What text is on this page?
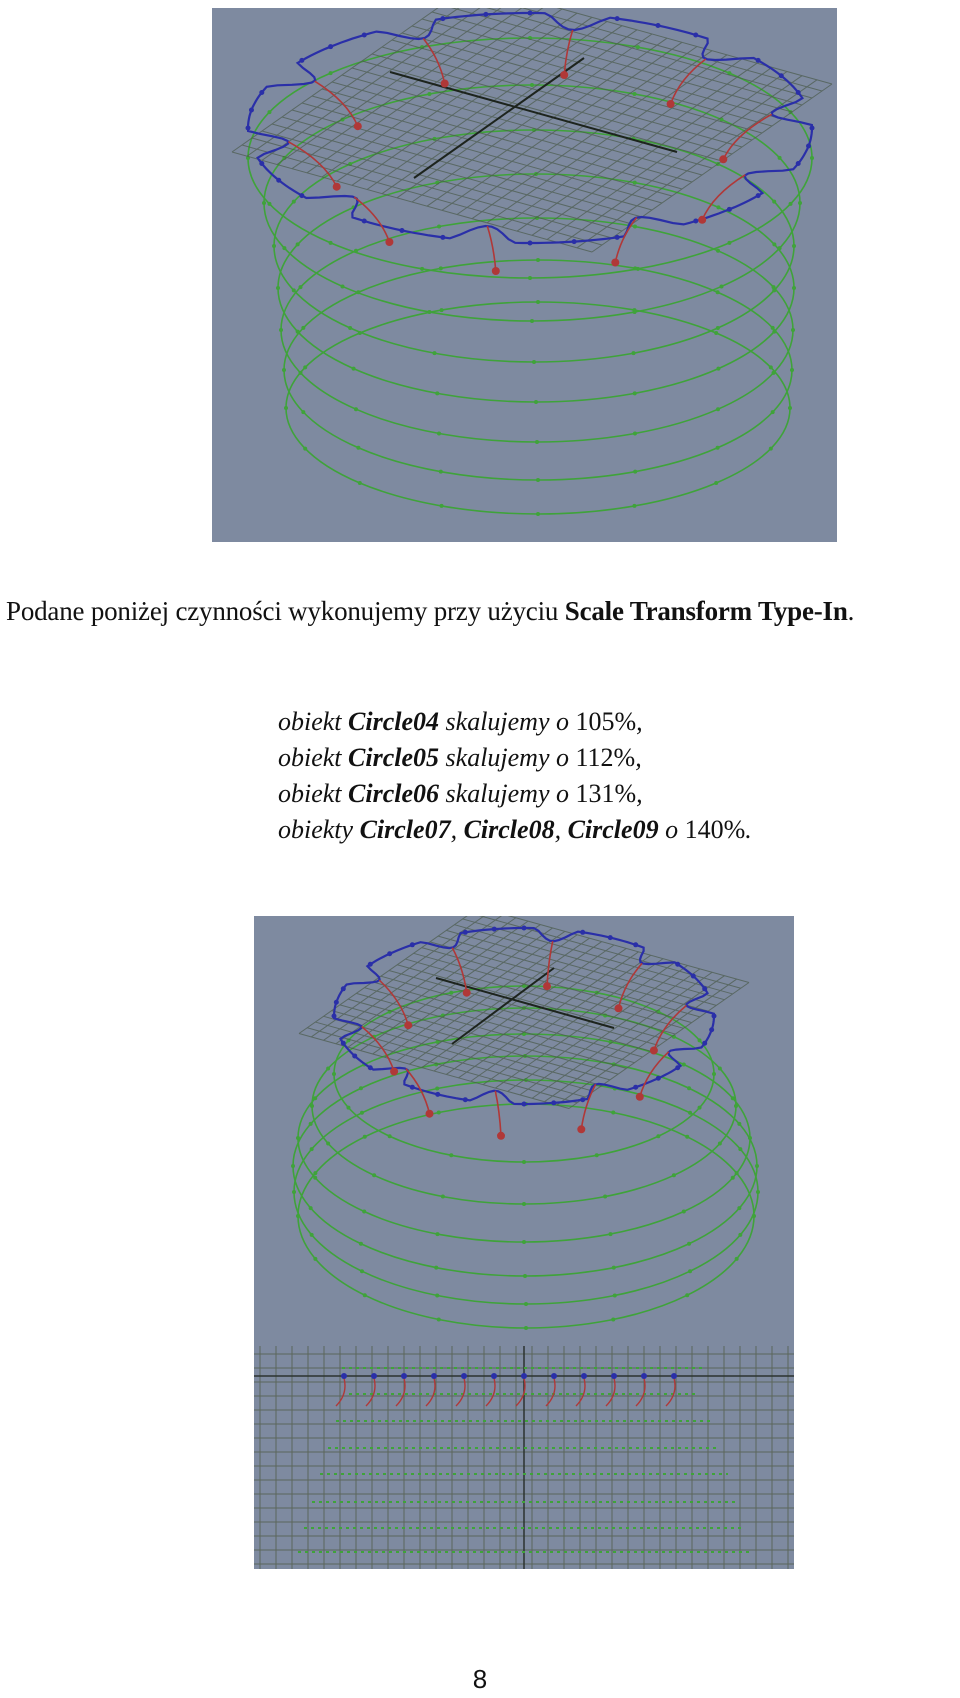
Podane poniżej czynności wykonujemy przy użyciu Scale Transform Type-In.
obiekt Circle04 skalujemy o 105%,
obiekt Circle05 skalujemy o 112%,
obiekt Circle06 skalujemy o 131%,
obiekty Circle07, Circle08, Circle09 o 140%.
8
